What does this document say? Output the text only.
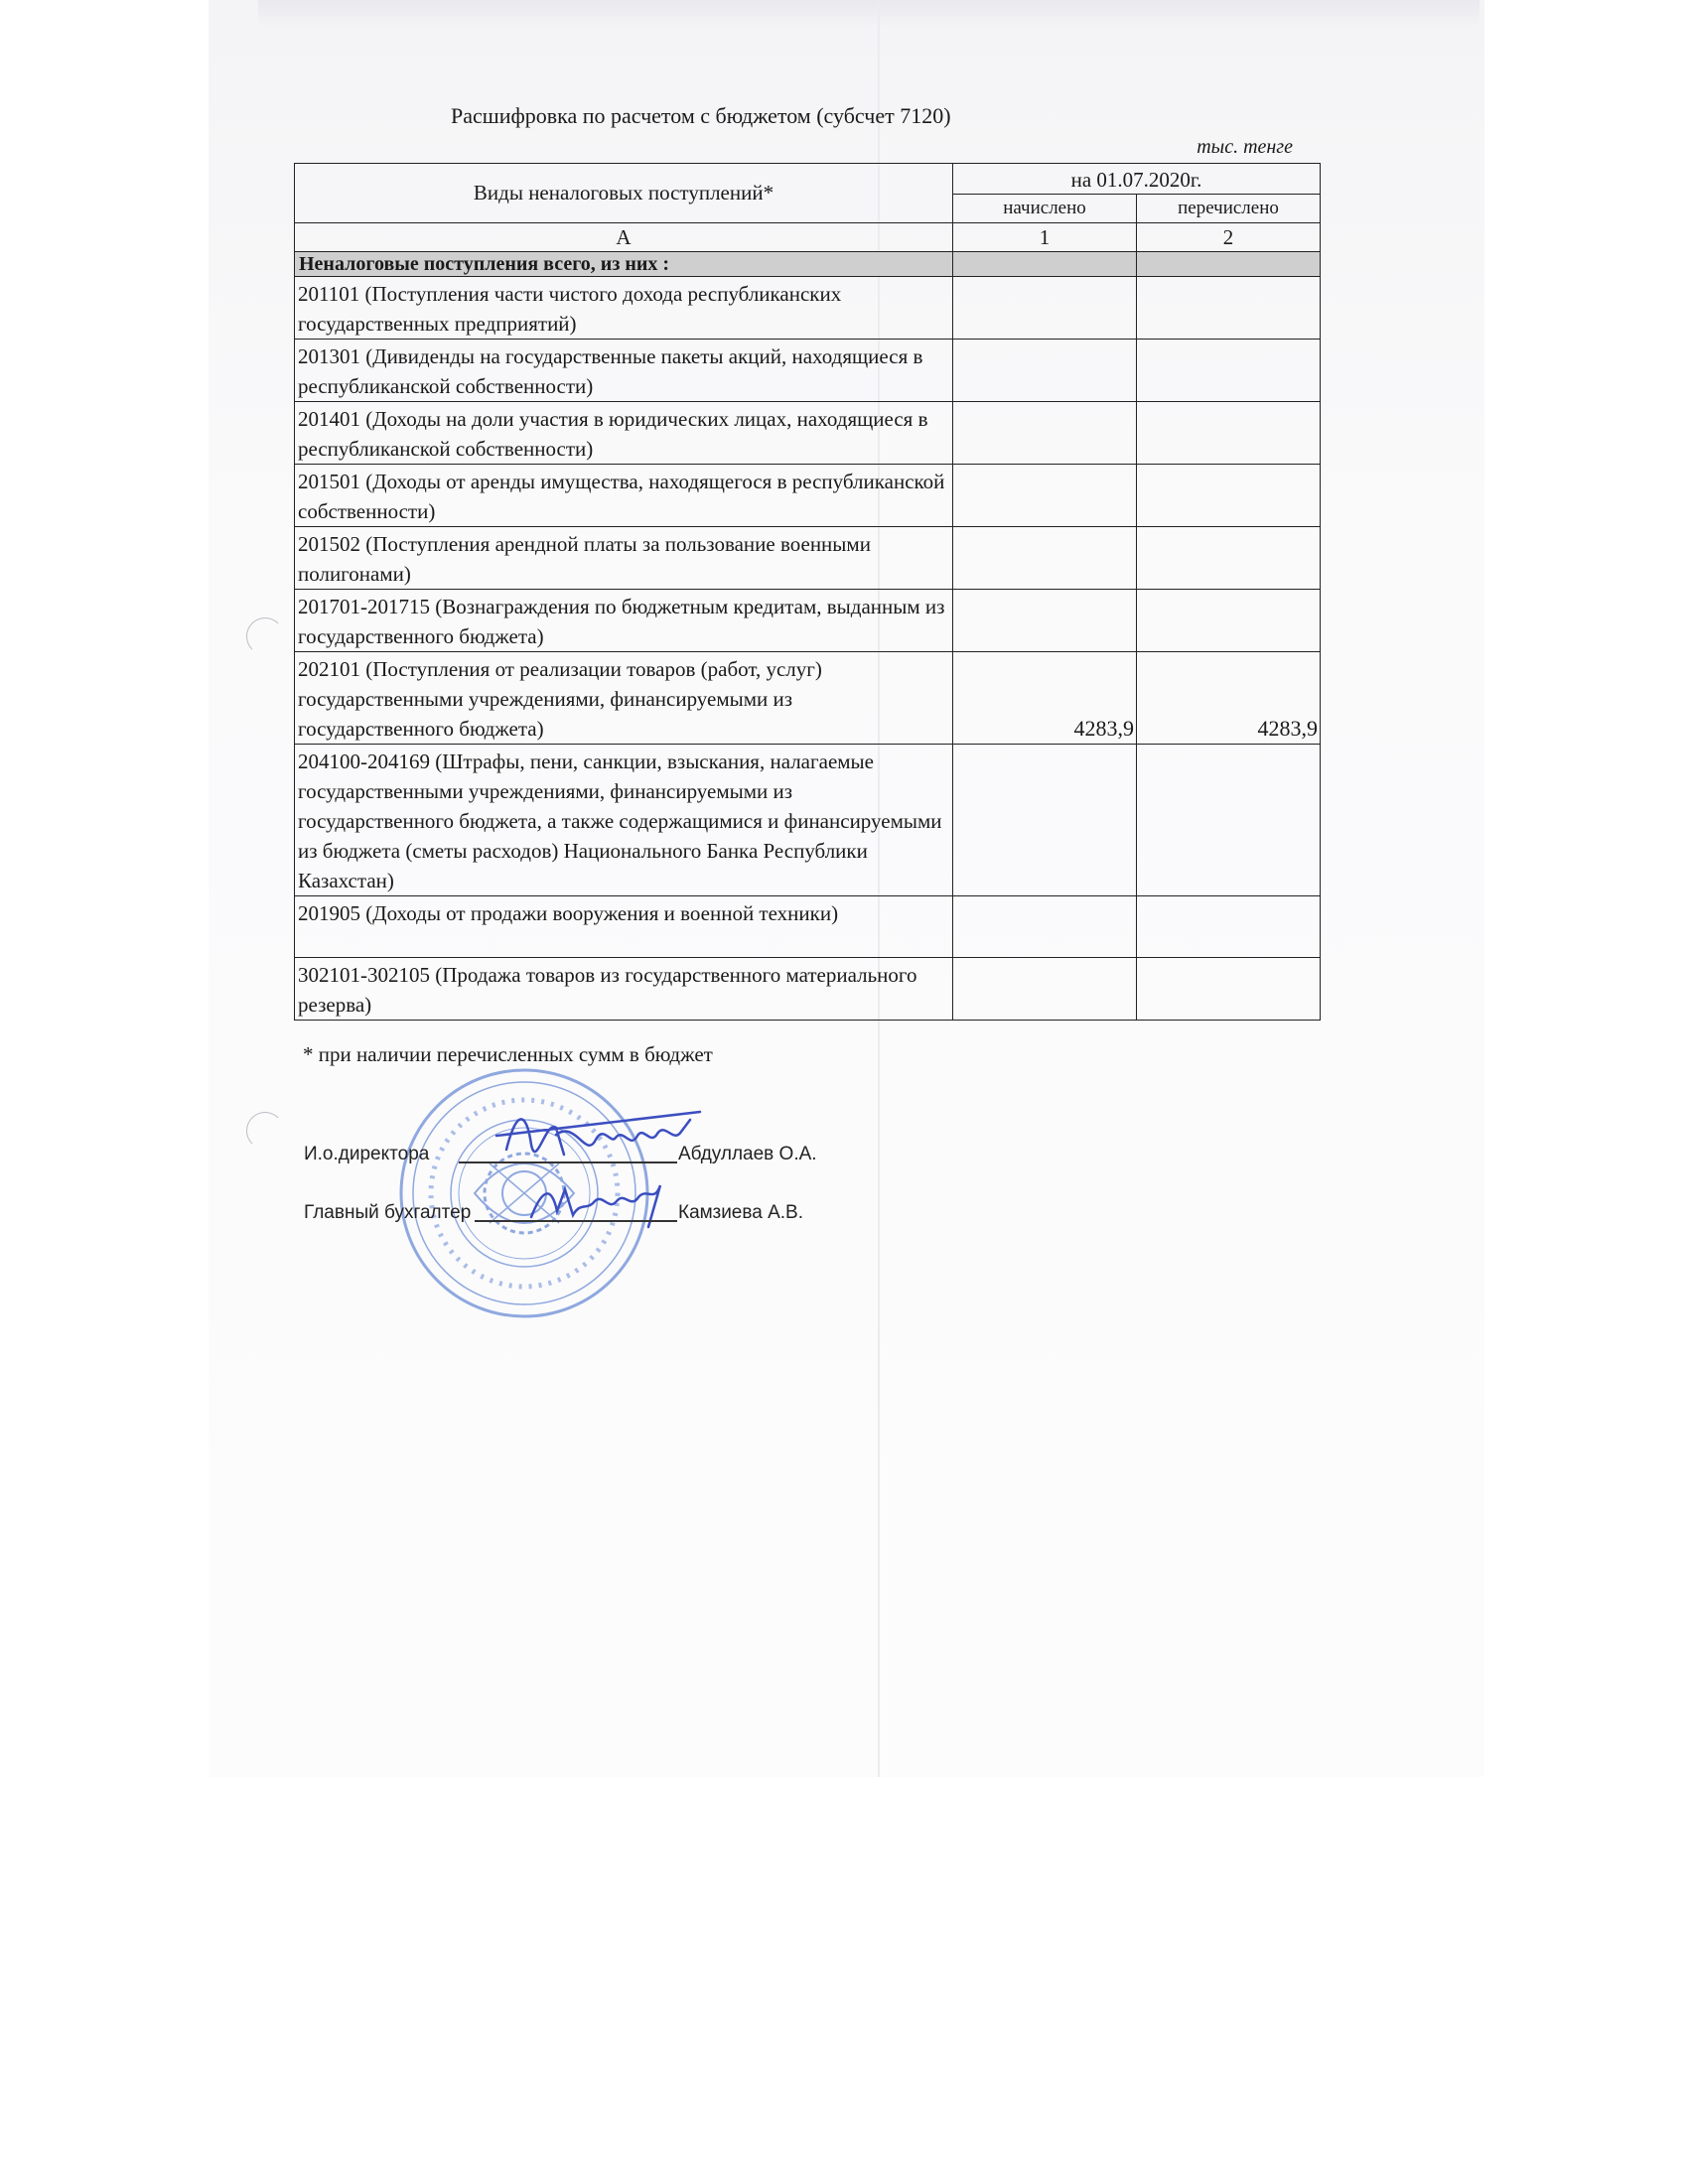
Расшифровка по расчетом с бюджетом (субсчет 7120)
тыс. тенге
Виды неналоговых поступлений*	на 01.07.2020г.	
	начислено	перечислено
А	1	2
Неналоговые поступления всего, из них :		
201101 (Поступления части чистого дохода республиканских государственных предприятий)		
201301 (Дивиденды на государственные пакеты акций, находящиеся в республиканской собственности)		
201401 (Доходы на доли участия в юридических лицах, находящиеся в республиканской собственности)		
201501 (Доходы от аренды имущества, находящегося в республиканской собственности)		
201502 (Поступления арендной платы за пользование военными полигонами)		
201701-201715 (Вознаграждения по бюджетным кредитам, выданным из государственного бюджета)		
202101 (Поступления от реализации товаров (работ, услуг) государственными учреждениями, финансируемыми из государственного бюджета)	4283,9	4283,9
204100-204169 (Штрафы, пени, санкции, взыскания, налагаемые государственными учреждениями, финансируемыми из государственного бюджета, а также содержащимися и финансируемыми из бюджета (сметы расходов) Национального Банка Республики Казахстан)		
201905 (Доходы от продажи вооружения и военной техники)		
302101-302105 (Продажа товаров из государственного материального резерва)		
* при наличии перечисленных сумм в бюджет
И.о.директора	Абдуллаев О.А.
Главный бухгалтер	Камзиева А.В.
